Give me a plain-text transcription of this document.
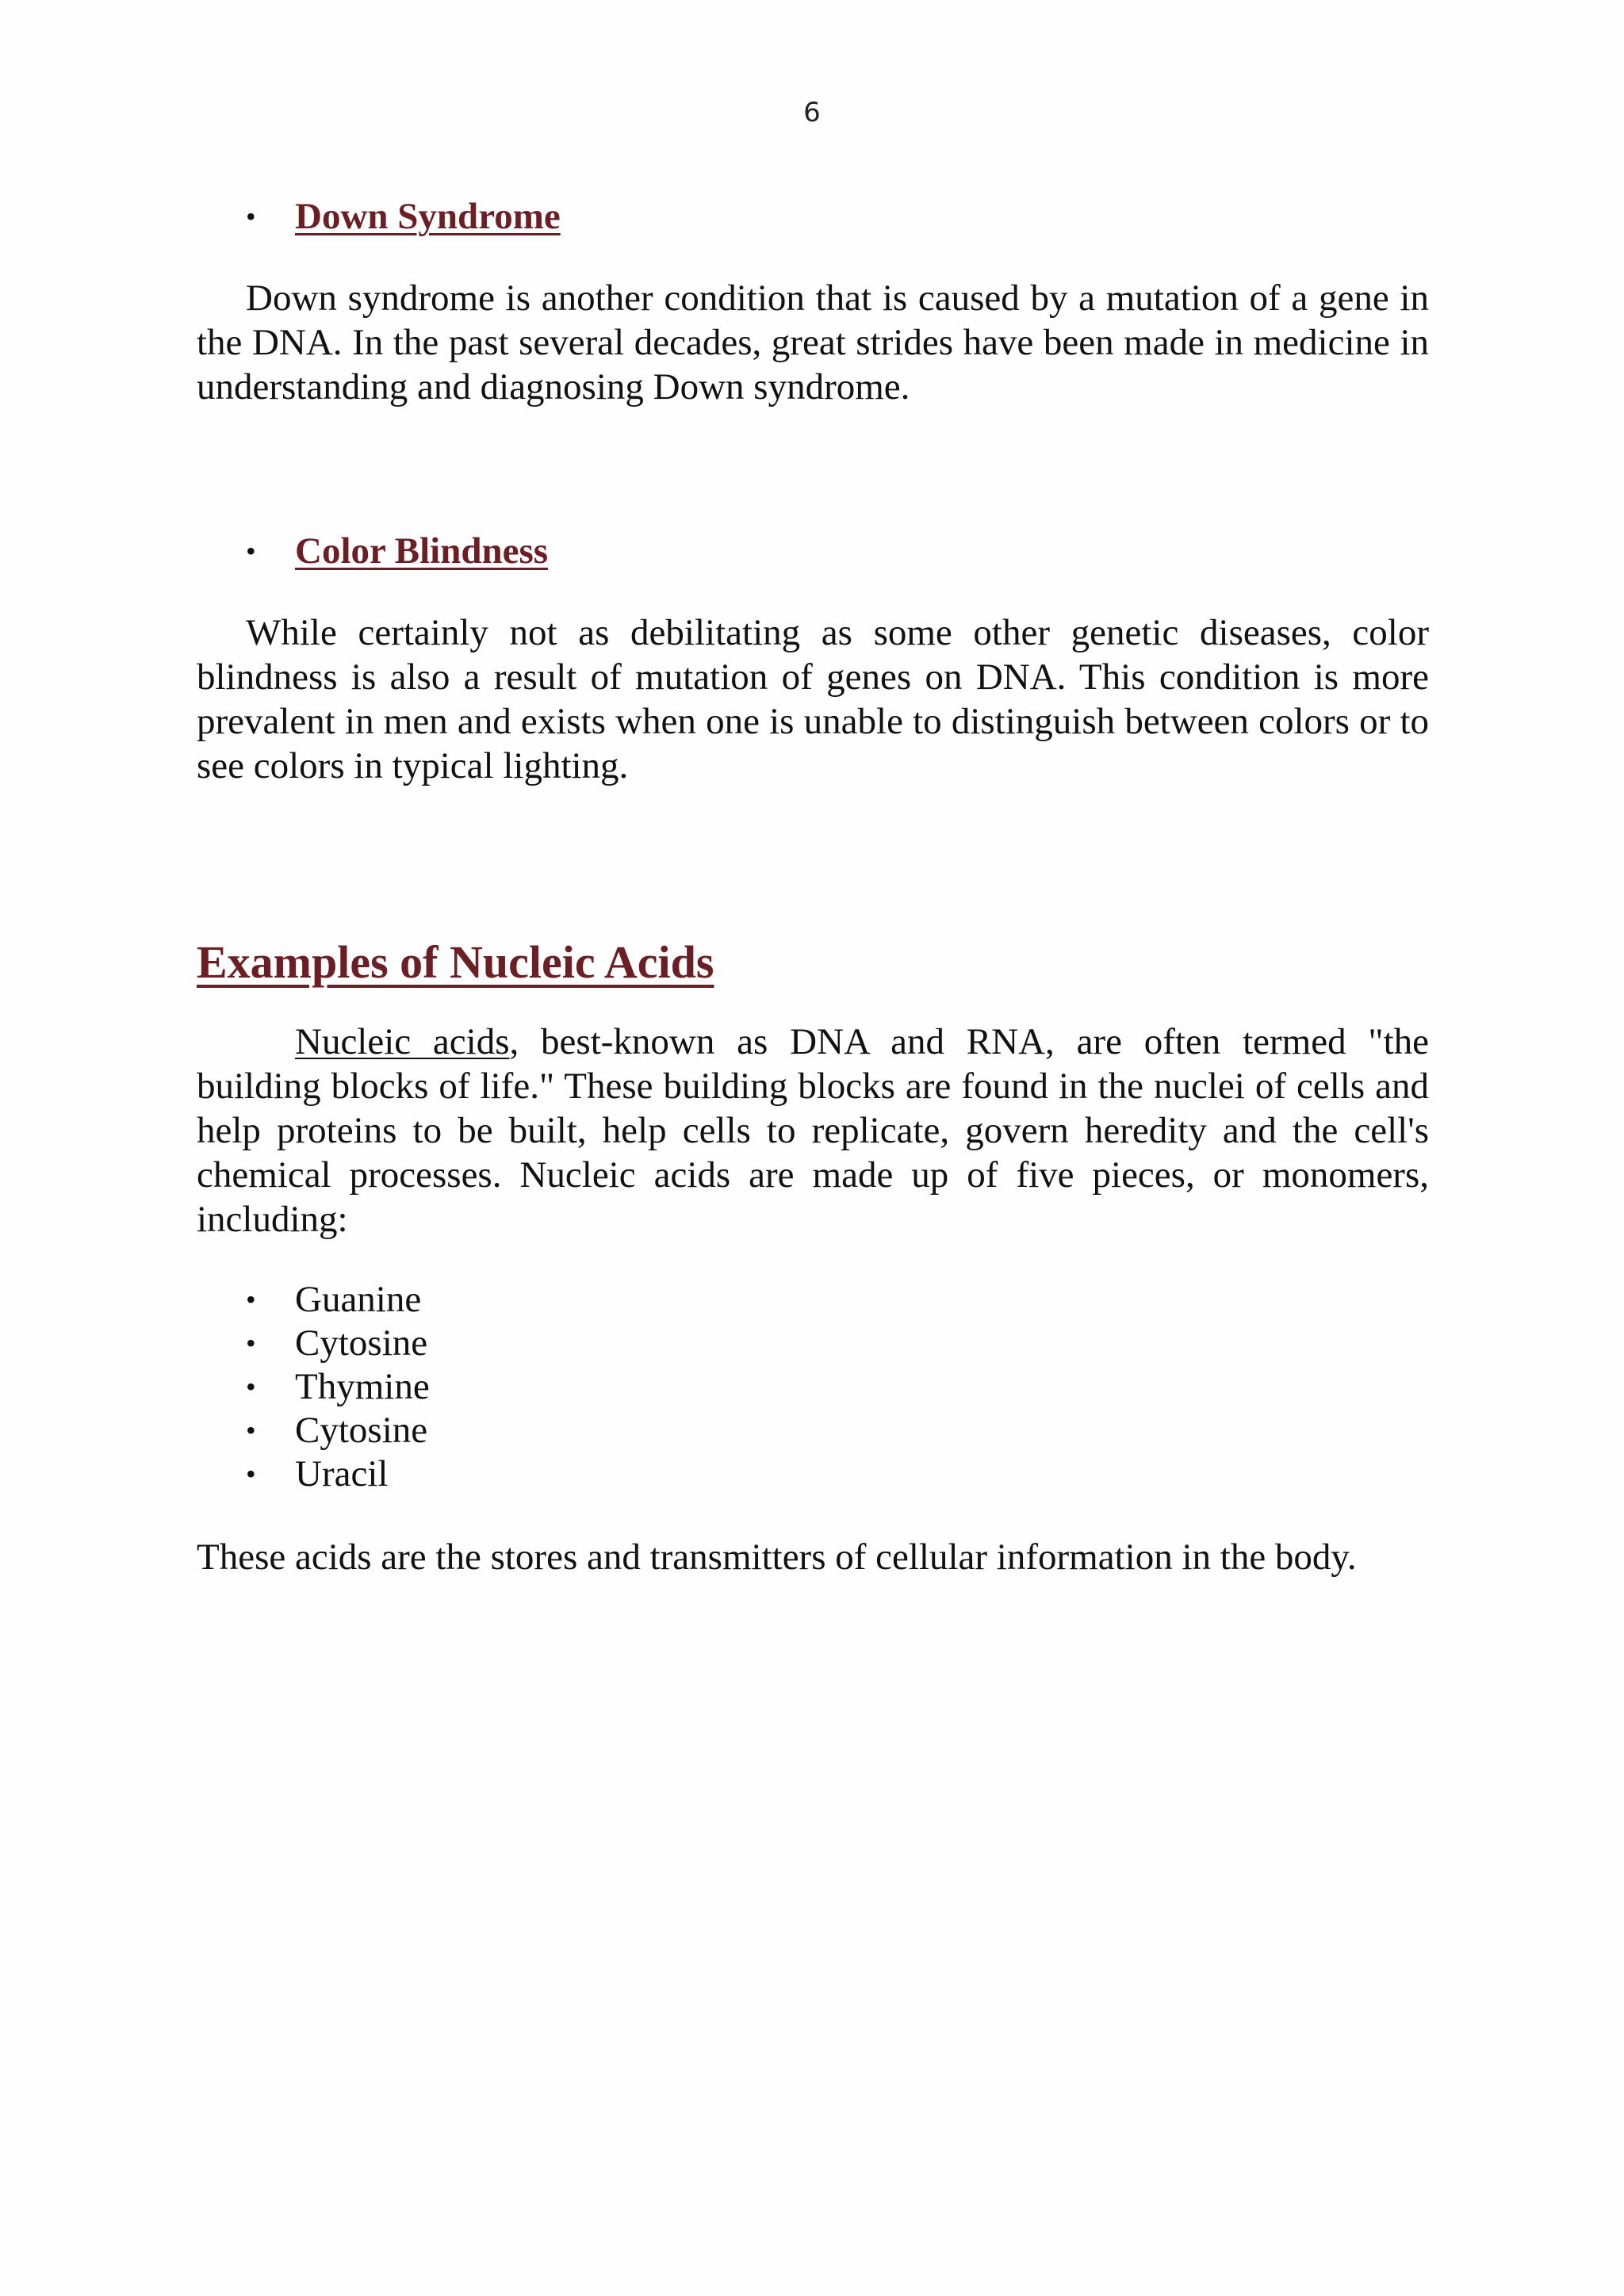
6
• Down Syndrome

Down syndrome is another condition that is caused by a mutation of a gene in the DNA. In the past several decades, great strides have been made in medicine in understanding and diagnosing Down syndrome.

• Color Blindness

While certainly not as debilitating as some other genetic diseases, color blindness is also a result of mutation of genes on DNA. This condition is more prevalent in men and exists when one is unable to distinguish between colors or to see colors in typical lighting.

Examples of Nucleic Acids

Nucleic acids, best-known as DNA and RNA, are often termed "the building blocks of life." These building blocks are found in the nuclei of cells and help proteins to be built, help cells to replicate, govern heredity and the cell's chemical processes. Nucleic acids are made up of five pieces, or monomers, including:

•	Guanine
•	Cytosine
•	Thymine
•	Cytosine
•	Uracil

These acids are the stores and transmitters of cellular information in the body.
